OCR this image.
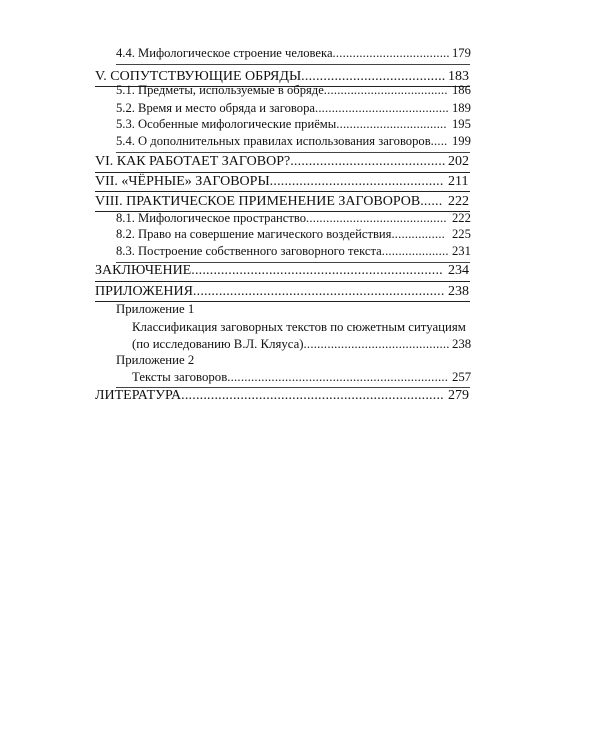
4.4. Мифологическое строение человека................................... 179
V. СОПУТСТВУЮЩИЕ ОБРЯДЫ....................................... 183
5.1. Предметы, используемые в обряде..................................... 186
5.2. Время и место обряда и заговора........................................ 189
5.3. Особенные мифологические приёмы................................. 195
5.4. О дополнительных правилах использования заговоров..... 199
VI. КАК РАБОТАЕТ ЗАГОВОР?.......................................... 202
VII. «ЧЁРНЫЕ» ЗАГОВОРЫ............................................... 211
VIII. ПРАКТИЧЕСКОЕ ПРИМЕНЕНИЕ ЗАГОВОРОВ...... 222
8.1. Мифологическое пространство.......................................... 222
8.2. Право на совершение магического воздействия................ 225
8.3. Построение собственного заговорного текста.................... 231
ЗАКЛЮЧЕНИЕ.................................................................... 234
ПРИЛОЖЕНИЯ.................................................................... 238
Приложение 1
Классификация заговорных текстов по сюжетным ситуациям
(по исследованию В.Л. Кляуса)........................................... 238
Приложение 2
Тексты заговоров................................................................. 257
ЛИТЕРАТУРА....................................................................... 279
